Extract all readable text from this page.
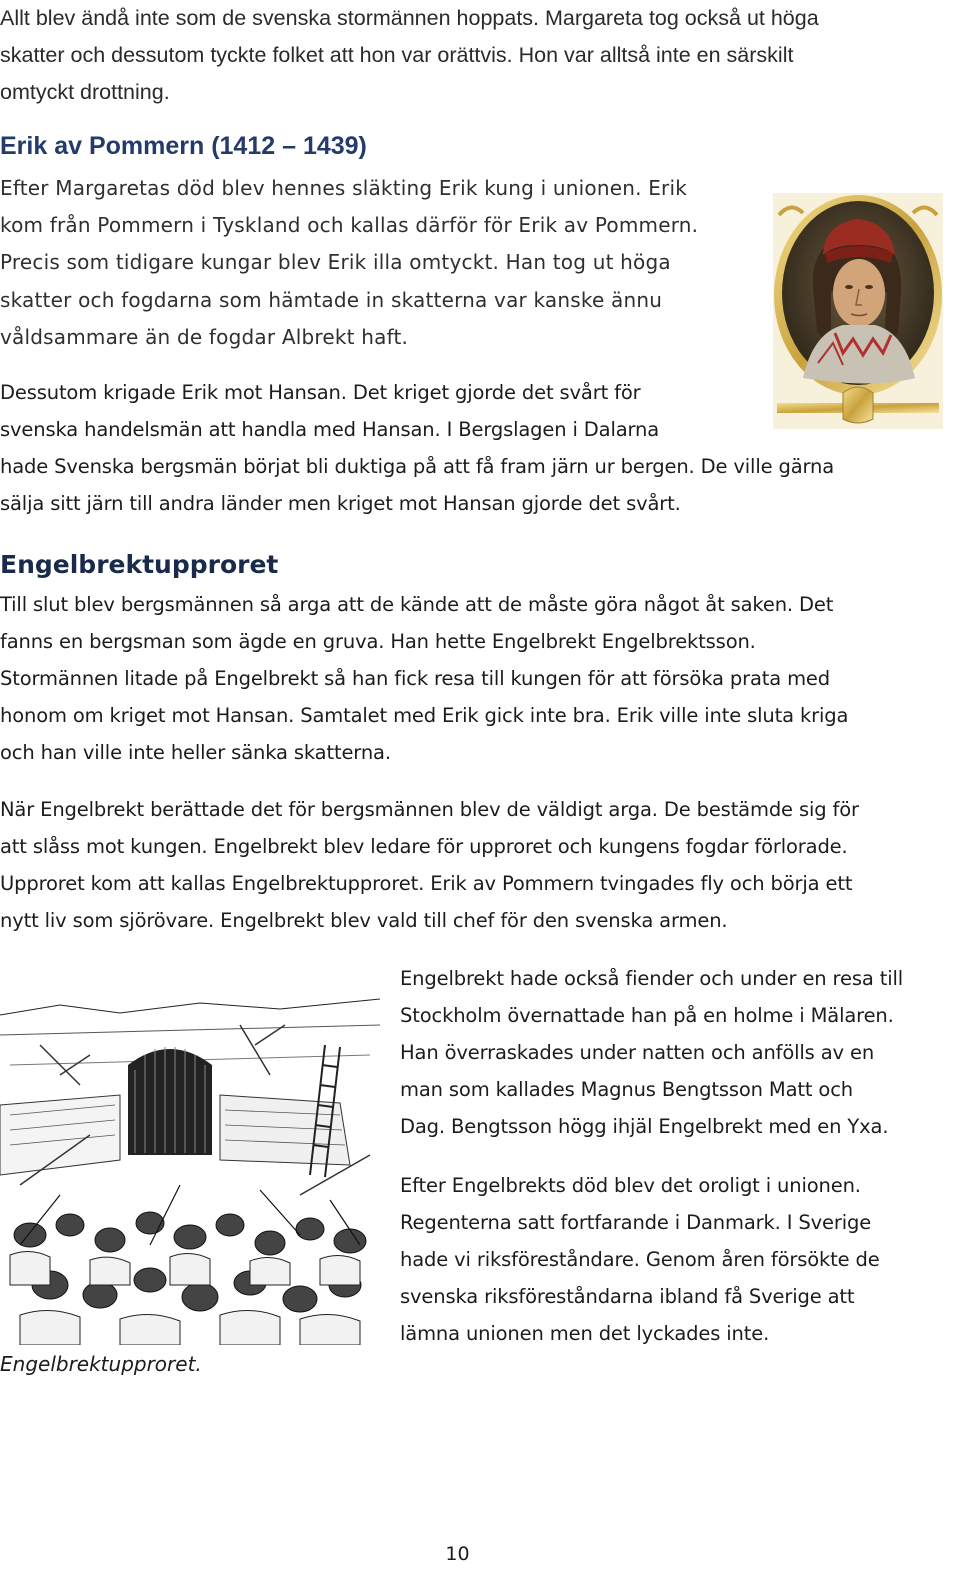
Allt blev ändå inte som de svenska stormännen hoppats. Margareta tog också ut höga
skatter och dessutom tyckte folket att hon var orättvis. Hon var alltså inte en särskilt
omtyckt drottning.
Erik av Pommern (1412 – 1439)
Efter Margaretas död blev hennes släkting Erik kung i unionen. Erik
kom från Pommern i Tyskland och kallas därför för Erik av Pommern.
Precis som tidigare kungar blev Erik illa omtyckt. Han tog ut höga
skatter och fogdarna som hämtade in skatterna var kanske ännu
våldsammare än de fogdar Albrekt haft.
Dessutom krigade Erik mot Hansan. Det kriget gjorde det svårt för
svenska handelsmän att handla med Hansan. I Bergslagen i Dalarna
hade Svenska bergsmän börjat bli duktiga på att få fram järn ur bergen. De ville gärna
sälja sitt järn till andra länder men kriget mot Hansan gjorde det svårt.
Engelbrektupproret
Till slut blev bergsmännen så arga att de kände att de måste göra något åt saken. Det
fanns en bergsman som ägde en gruva. Han hette Engelbrekt Engelbrektsson.
Stormännen litade på Engelbrekt så han fick resa till kungen för att försöka prata med
honom om kriget mot Hansan. Samtalet med Erik gick inte bra. Erik ville inte sluta kriga
och han ville inte heller sänka skatterna.
När Engelbrekt berättade det för bergsmännen blev de väldigt arga. De bestämde sig för
att slåss mot kungen. Engelbrekt blev ledare för upproret och kungens fogdar förlorade.
Upproret kom att kallas Engelbrektupproret. Erik av Pommern tvingades fly och börja ett
nytt liv som sjörövare. Engelbrekt blev vald till chef för den svenska armen.
Engelbrekt hade också fiender och under en resa till
Stockholm övernattade han på en holme i Mälaren.
Han överraskades under natten och anfölls av en
man som kallades Magnus Bengtsson Matt och
Dag. Bengtsson högg ihjäl Engelbrekt med en Yxa.
Efter Engelbrekts död blev det oroligt i unionen.
Regenterna satt fortfarande i Danmark. I Sverige
hade vi riksföreståndare. Genom åren försökte de
svenska riksföreståndarna ibland få Sverige att
lämna unionen men det lyckades inte.
Engelbrektupproret.
10
